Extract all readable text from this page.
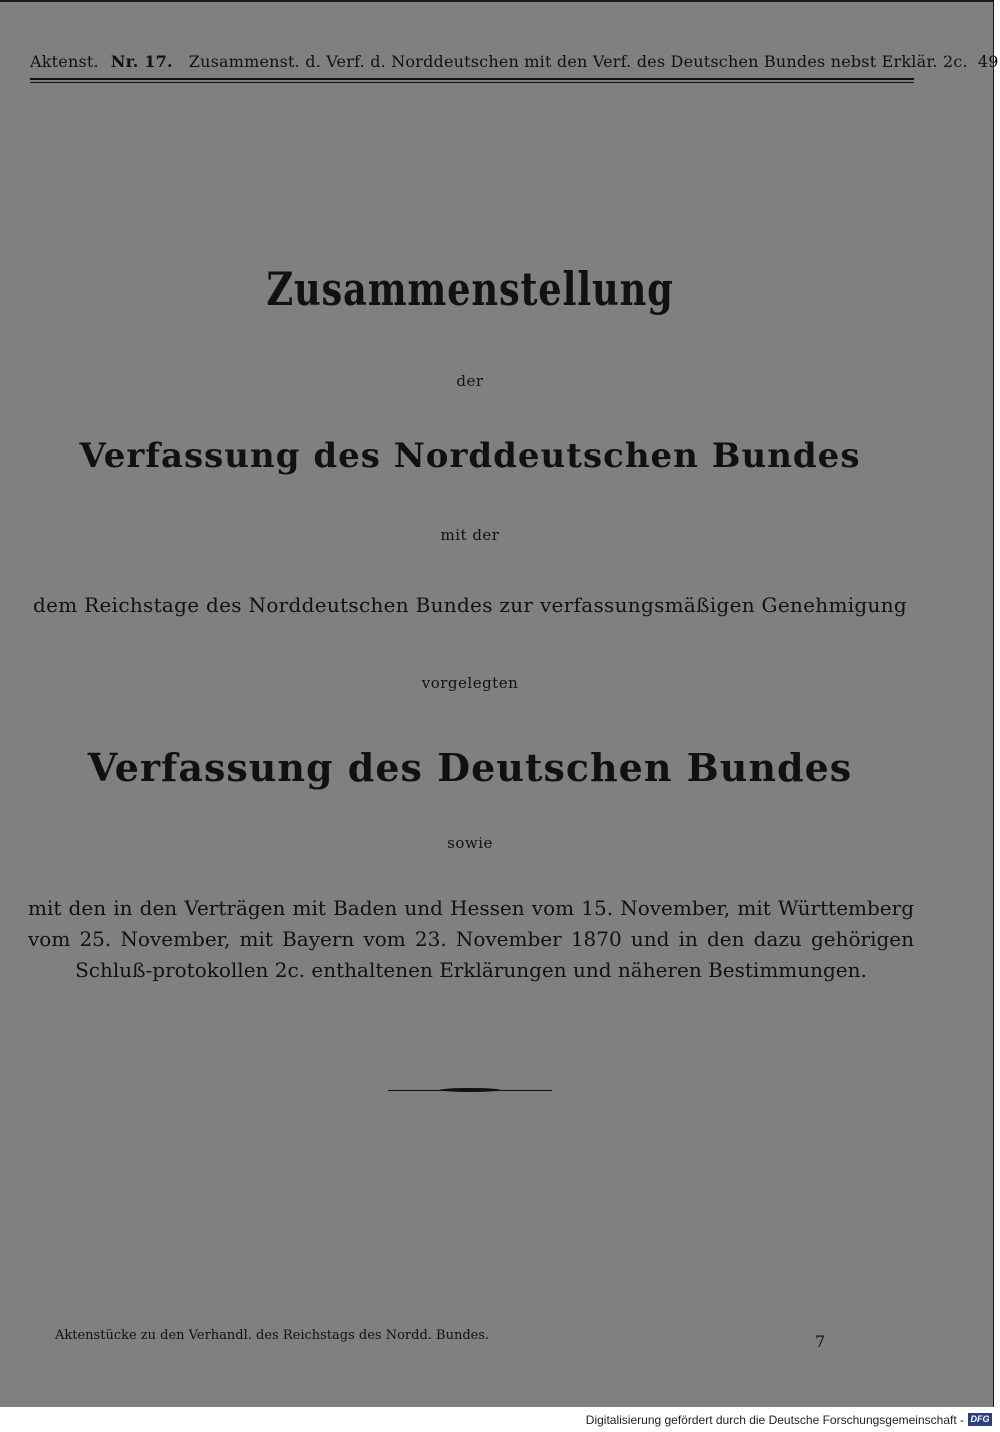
Aktenst. Nr. 17. Zusammenst. d. Verf. d. Norddeutschen mit den Verf. des Deutschen Bundes nebst Erklär. 2c. 49
Zusammenstellung
der
Verfassung des Norddeutschen Bundes
mit der
dem Reichstage des Norddeutschen Bundes zur verfassungsmäßigen Genehmigung
vorgelegten
Verfassung des Deutschen Bundes
sowie
mit den in den Verträgen mit Baden und Hessen vom 15. November, mit Württemberg vom 25. November, mit Bayern vom 23. November 1870 und in den dazu gehörigen Schluß-protokollen 2c. enthaltenen Erklärungen und näheren Bestimmungen.
Aktenstücke zu den Verhandl. des Reichstags des Nordd. Bundes.	7
Digitalisierung gefördert durch die Deutsche Forschungsgemeinschaft - DFG
